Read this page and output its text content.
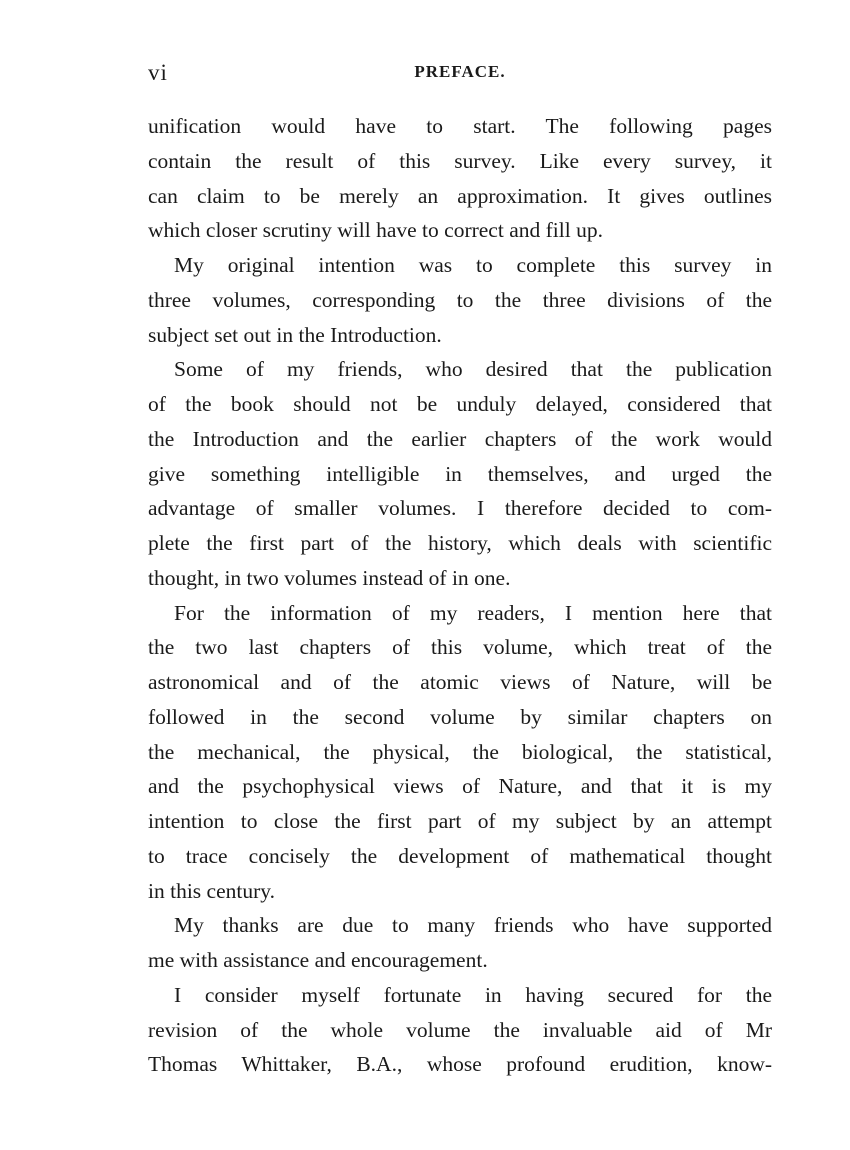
vi	PREFACE.
unification would have to start. The following pages
contain the result of this survey. Like every survey, it
can claim to be merely an approximation. It gives outlines
which closer scrutiny will have to correct and fill up.
My original intention was to complete this survey in
three volumes, corresponding to the three divisions of the
subject set out in the Introduction.
Some of my friends, who desired that the publication
of the book should not be unduly delayed, considered that
the Introduction and the earlier chapters of the work would
give something intelligible in themselves, and urged the
advantage of smaller volumes. I therefore decided to com-
plete the first part of the history, which deals with scientific
thought, in two volumes instead of in one.
For the information of my readers, I mention here that
the two last chapters of this volume, which treat of the
astronomical and of the atomic views of Nature, will be
followed in the second volume by similar chapters on
the mechanical, the physical, the biological, the statistical,
and the psychophysical views of Nature, and that it is my
intention to close the first part of my subject by an attempt
to trace concisely the development of mathematical thought
in this century.
My thanks are due to many friends who have supported
me with assistance and encouragement.
I consider myself fortunate in having secured for the
revision of the whole volume the invaluable aid of Mr
Thomas Whittaker, B.A., whose profound erudition, know-
